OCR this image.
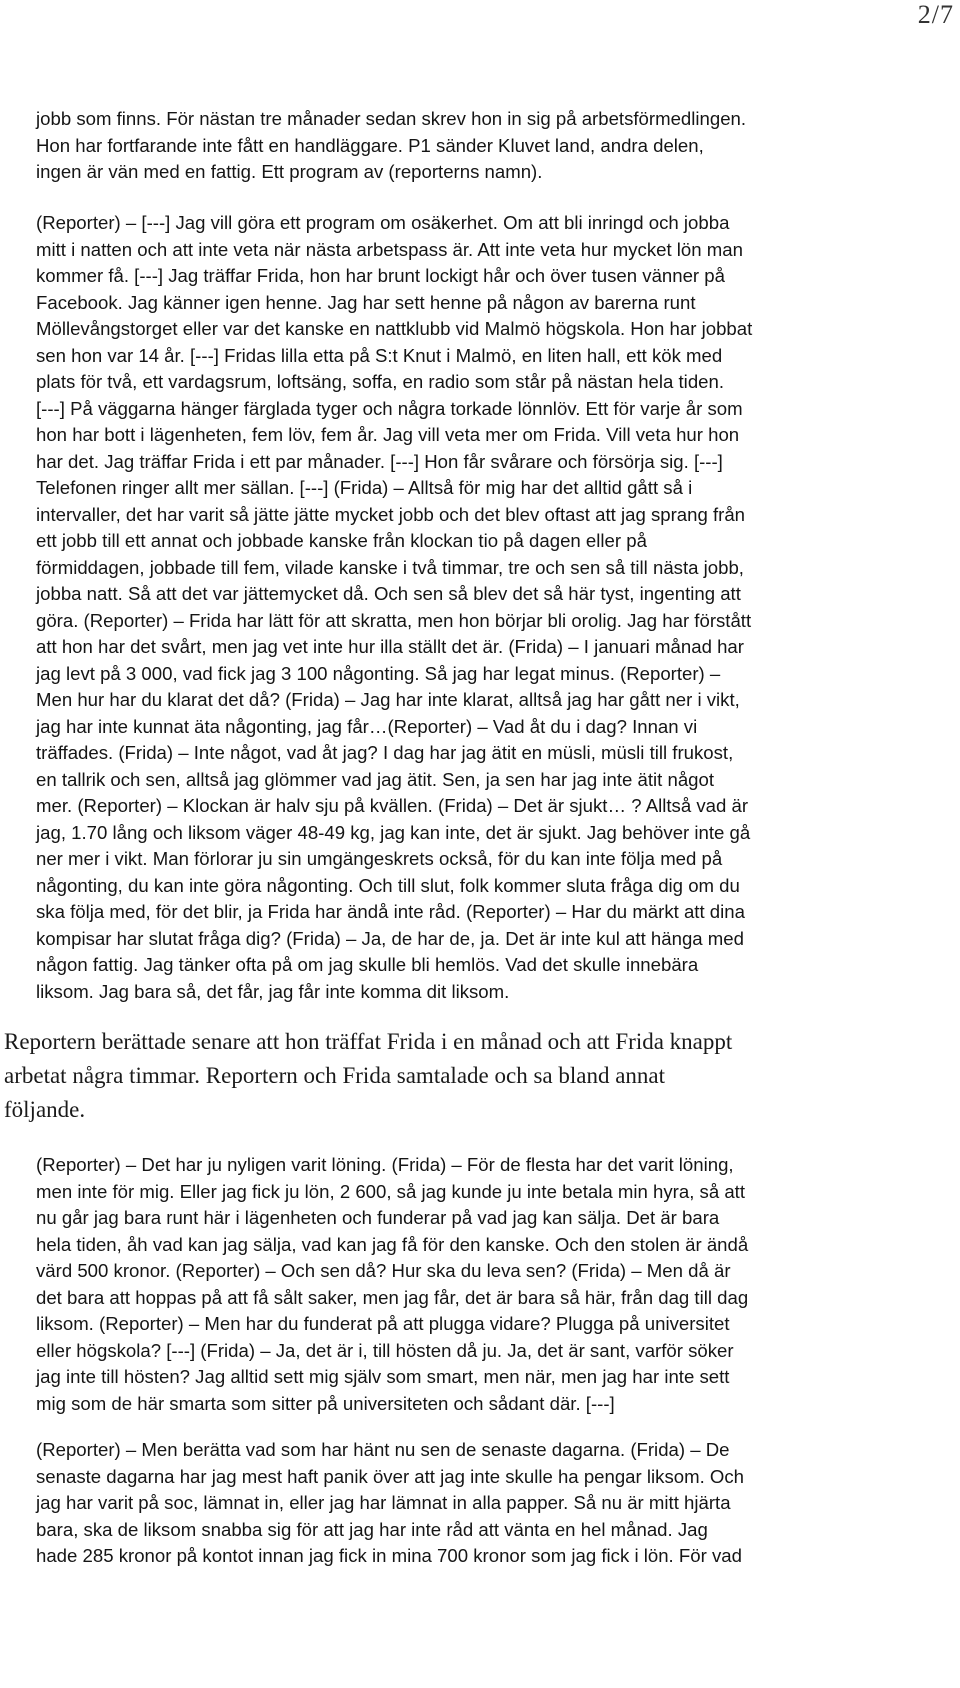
2/7
jobb som finns. För nästan tre månader sedan skrev hon in sig på arbetsförmedlingen.
Hon har fortfarande inte fått en handläggare. P1 sänder Kluvet land, andra delen,
ingen är vän med en fattig. Ett program av (reporterns namn).
(Reporter) – [---] Jag vill göra ett program om osäkerhet. Om att bli inringd och jobba
mitt i natten och att inte veta när nästa arbetspass är. Att inte veta hur mycket lön man
kommer få. [---] Jag träffar Frida, hon har brunt lockigt hår och över tusen vänner på
Facebook. Jag känner igen henne. Jag har sett henne på någon av barerna runt
Möllevångstorget eller var det kanske en nattklubb vid Malmö högskola. Hon har jobbat
sen hon var 14 år. [---] Fridas lilla etta på S:t Knut i Malmö, en liten hall, ett kök med
plats för två, ett vardagsrum, loftsäng, soffa, en radio som står på nästan hela tiden.
[---] På väggarna hänger färglada tyger och några torkade lönnlöv. Ett för varje år som
hon har bott i lägenheten, fem löv, fem år. Jag vill veta mer om Frida. Vill veta hur hon
har det. Jag träffar Frida i ett par månader. [---] Hon får svårare och försörja sig. [---]
Telefonen ringer allt mer sällan. [---] (Frida) – Alltså för mig har det alltid gått så i
intervaller, det har varit så jätte jätte mycket jobb och det blev oftast att jag sprang från
ett jobb till ett annat och jobbade kanske från klockan tio på dagen eller på
förmiddagen, jobbade till fem, vilade kanske i två timmar, tre och sen så till nästa jobb,
jobba natt. Så att det var jättemycket då. Och sen så blev det så här tyst, ingenting att
göra. (Reporter) – Frida har lätt för att skratta, men hon börjar bli orolig. Jag har förstått
att hon har det svårt, men jag vet inte hur illa ställt det är. (Frida) – I januari månad har
jag levt på 3 000, vad fick jag 3 100 någonting. Så jag har legat minus. (Reporter) –
Men hur har du klarat det då? (Frida) – Jag har inte klarat, alltså jag har gått ner i vikt,
jag har inte kunnat äta någonting, jag får…(Reporter) – Vad åt du i dag? Innan vi
träffades. (Frida) – Inte något, vad åt jag? I dag har jag ätit en müsli, müsli till frukost,
en tallrik och sen, alltså jag glömmer vad jag ätit. Sen, ja sen har jag inte ätit något
mer. (Reporter) – Klockan är halv sju på kvällen. (Frida) – Det är sjukt… ? Alltså vad är
jag, 1.70 lång och liksom väger 48-49 kg, jag kan inte, det är sjukt. Jag behöver inte gå
ner mer i vikt. Man förlorar ju sin umgängeskrets också, för du kan inte följa med på
någonting, du kan inte göra någonting. Och till slut, folk kommer sluta fråga dig om du
ska följa med, för det blir, ja Frida har ändå inte råd. (Reporter) – Har du märkt att dina
kompisar har slutat fråga dig? (Frida) – Ja, de har de, ja. Det är inte kul att hänga med
någon fattig. Jag tänker ofta på om jag skulle bli hemlös. Vad det skulle innebära
liksom. Jag bara så, det får, jag får inte komma dit liksom.
Reportern berättade senare att hon träffat Frida i en månad och att Frida knappt
arbetat några timmar. Reportern och Frida samtalade och sa bland annat
följande.
(Reporter) – Det har ju nyligen varit löning. (Frida) – För de flesta har det varit löning,
men inte för mig. Eller jag fick ju lön, 2 600, så jag kunde ju inte betala min hyra, så att
nu går jag bara runt här i lägenheten och funderar på vad jag kan sälja. Det är bara
hela tiden, åh vad kan jag sälja, vad kan jag få för den kanske. Och den stolen är ändå
värd 500 kronor. (Reporter) – Och sen då? Hur ska du leva sen? (Frida) – Men då är
det bara att hoppas på att få sålt saker, men jag får, det är bara så här, från dag till dag
liksom. (Reporter) – Men har du funderat på att plugga vidare? Plugga på universitet
eller högskola? [---] (Frida) – Ja, det är i, till hösten då ju. Ja, det är sant, varför söker
jag inte till hösten? Jag alltid sett mig själv som smart, men när, men jag har inte sett
mig som de här smarta som sitter på universiteten och sådant där. [---]
(Reporter) – Men berätta vad som har hänt nu sen de senaste dagarna. (Frida) – De
senaste dagarna har jag mest haft panik över att jag inte skulle ha pengar liksom. Och
jag har varit på soc, lämnat in, eller jag har lämnat in alla papper. Så nu är mitt hjärta
bara, ska de liksom snabba sig för att jag har inte råd att vänta en hel månad. Jag
hade 285 kronor på kontot innan jag fick in mina 700 kronor som jag fick i lön. För vad
